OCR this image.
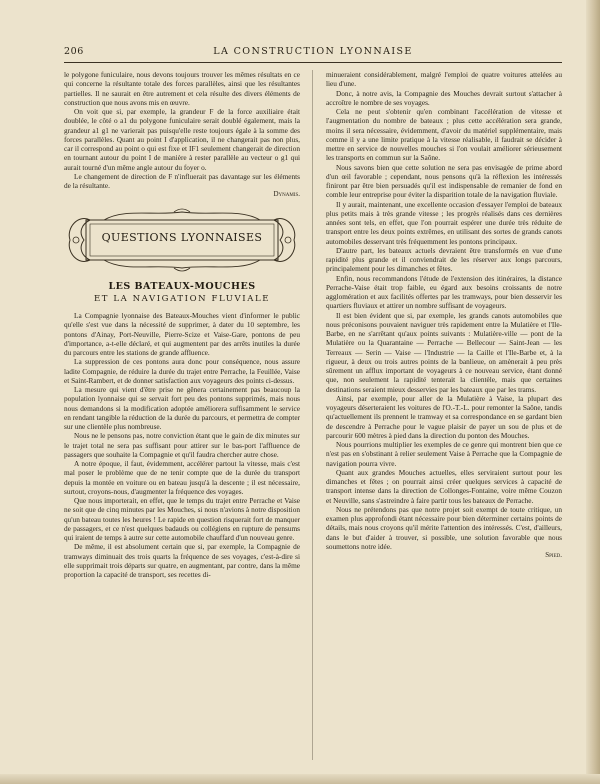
206	LA CONSTRUCTION LYONNAISE

le polygone funiculaire, nous devons toujours trouver les mêmes résultats en ce qui concerne la résultante totale des forces parallèles, ainsi que les résultantes partielles. Il ne saurait en être autrement et cela résulte des divers éléments de construction que nous avons mis en œuvre.

On voit que si, par exemple, la grandeur F de la force auxiliaire était doublée, le côté o a1 du polygone funiculaire serait doublé également, mais la grandeur a1 g1 ne varierait pas puisqu'elle reste toujours égale à la somme des forces parallèles. Quant au point I d'application, il ne changerait pas non plus, car il correspond au point o qui est fixe et IF1 seulement changerait de direction en tournant autour du point I de manière à rester parallèle au vecteur o g1 qui aurait tourné d'un même angle autour du foyer o.

Le changement de direction de F n'influerait pas davantage sur les éléments de la résultante.

Dynamis.
QUESTIONS LYONNAISES
LES BATEAUX-MOUCHES
ET LA NAVIGATION FLUVIALE

La Compagnie lyonnaise des Bateaux-Mouches vient d'informer le public qu'elle s'est vue dans la nécessité de supprimer, à dater du 10 septembre, les pontons d'Ainay, Port-Neuville, Pierre-Scize et Vaise-Gare, pontons de peu d'importance, a-t-elle déclaré, et qui augmentent par des arrêts inutiles la durée du parcours entre les stations de grande affluence.

La suppression de ces pontons aura donc pour conséquence, nous assure ladite Compagnie, de réduire la durée du trajet entre Perrache, la Feuillée, Vaise et Saint-Rambert, et de donner satisfaction aux voyageurs des points ci-dessus.

La mesure qui vient d'être prise ne gênera certainement pas beaucoup la population lyonnaise qui se servait fort peu des pontons supprimés, mais nous nous demandons si la modification adoptée améliorera suffisamment le service en rendant tangible la réduction de la durée du parcours, et permettra de compter sur une clientèle plus nombreuse.

Nous ne le pensons pas, notre conviction étant que le gain de dix minutes sur le trajet total ne sera pas suffisant pour attirer sur le bas-port l'affluence de passagers que souhaite la Compagnie et qu'il faudra chercher autre chose.

A notre époque, il faut, évidemment, accélérer partout la vitesse, mais c'est mal poser le problème que de ne tenir compte que de la durée du transport depuis la montée en voiture ou en bateau jusqu'à la descente ; il est nécessaire, surtout, croyons-nous, d'augmenter la fréquence des voyages.

Que nous importerait, en effet, que le temps du trajet entre Perrache et Vaise ne soit que de cinq minutes par les Mouches, si nous n'avions à notre disposition qu'un bateau toutes les heures ! Le rapide en question risquerait fort de manquer de passagers, et ce n'est quelques badauds ou collégiens en rupture de pensums qui iraient de temps à autre sur cette automobile chauffard d'un nouveau genre.

De même, il est absolument certain que si, par exemple, la Compagnie de tramways diminuait des trois quarts la fréquence de ses voyages, c'est-à-dire si elle supprimait trois départs sur quatre, en augmentant, par contre, dans la même proportion la capacité de transport, ses recettes di-

minueraient considérablement, malgré l'emploi de quatre voitures attelées au lieu d'une.

Donc, à notre avis, la Compagnie des Mouches devrait surtout s'attacher à accroître le nombre de ses voyages.

Cela ne peut s'obtenir qu'en combinant l'accélération de vitesse et l'augmentation du nombre de bateaux ; plus cette accélération sera grande, moins il sera nécessaire, évidemment, d'avoir du matériel supplémentaire, mais comme il y a une limite pratique à la vitesse réalisable, il faudrait se décider à mettre en service de nouvelles mouches si l'on voulait améliorer sérieusement les transports en commun sur la Saône.

Nous savons bien que cette solution ne sera pas envisagée de prime abord d'un œil favorable ; cependant, nous pensons qu'à la réflexion les intéressés finiront par être bien persuadés qu'il est indispensable de remanier de fond en comble leur entreprise pour éviter la disparition totale de la navigation fluviale.

Il y aurait, maintenant, une excellente occasion d'essayer l'emploi de bateaux plus petits mais à très grande vitesse ; les progrès réalisés dans ces dernières années sont tels, en effet, que l'on pourrait espérer une durée très réduite de transport entre les deux points extrêmes, en utilisant des sortes de grands canots automobiles desservant très fréquemment les pontons principaux.

D'autre part, les bateaux actuels devraient être transformés en vue d'une rapidité plus grande et il conviendrait de les réserver aux longs parcours, principalement pour les dimanches et fêtes.

Enfin, nous recommandons l'étude de l'extension des itinéraires, la distance Perrache-Vaise était trop faible, eu égard aux besoins croissants de notre agglomération et aux facilités offertes par les tramways, pour bien desservir les quartiers fluviaux et attirer un nombre suffisant de voyageurs.

Il est bien évident que si, par exemple, les grands canots automobiles que nous préconisons pouvaient naviguer très rapidement entre la Mulatière et l'Ile-Barbe, en ne s'arrêtant qu'aux points suivants : Mulatière-ville — pont de la Mulatière ou la Quarantaine — Perrache — Bellecour — Saint-Jean — les Terreaux — Serin — Vaise — l'Industrie — la Caille et l'Ile-Barbe et, à la rigueur, à deux ou trois autres points de la banlieue, on amènerait à peu près sûrement un afflux important de voyageurs à ce nouveau service, étant donné que, non seulement la rapidité tenterait la clientèle, mais que certaines destinations seraient mieux desservies par les bateaux que par les trams.

Ainsi, par exemple, pour aller de la Mulatière à Vaise, la plupart des voyageurs déserteraient les voitures de l'O.-T.-L. pour remonter la Saône, tandis qu'actuellement ils prennent le tramway et sa correspondance en se gardant bien de descendre à Perrache pour le vague plaisir de payer un sou de plus et de parcourir 600 mètres à pied dans la direction du ponton des Mouches.

Nous pourrions multiplier les exemples de ce genre qui montrent bien que ce n'est pas en s'obstinant à relier seulement Vaise à Perrache que la Compagnie de navigation pourra vivre.

Quant aux grandes Mouches actuelles, elles serviraient surtout pour les dimanches et fêtes ; on pourrait ainsi créer quelques services à capacité de transport intense dans la direction de Collonges-Fontaine, voire même Couzon et Neuville, sans s'astreindre à faire partir tous les bateaux de Perrache.

Nous ne prétendons pas que notre projet soit exempt de toute critique, un examen plus approfondi étant nécessaire pour bien déterminer certains points de détails, mais nous croyons qu'il mérite l'attention des intéressés. C'est, d'ailleurs, dans le but d'aider à trouver, si possible, une solution favorable que nous soumettons notre idée.

Spied.
